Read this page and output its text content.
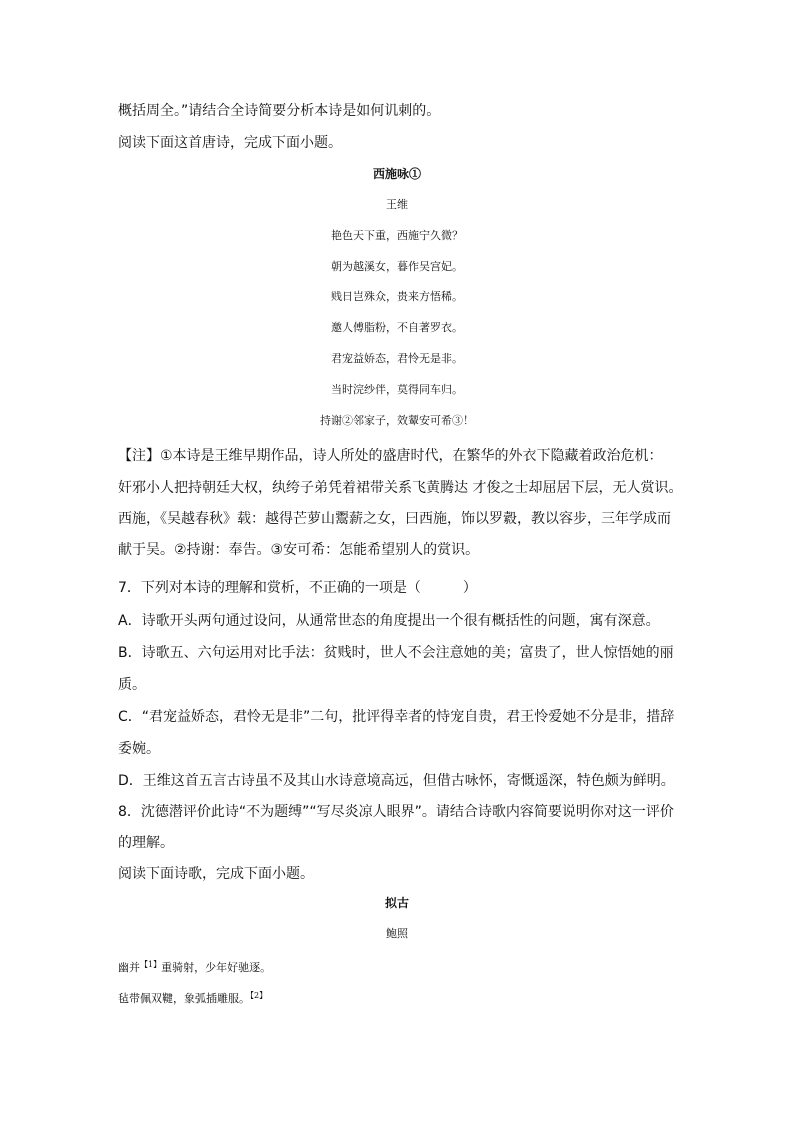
概括周全。”请结合全诗简要分析本诗是如何讥刺的。
阅读下面这首唐诗，完成下面小题。
西施咏①
王维
艳色天下重，西施宁久微？
朝为越溪女，暮作吴宫妃。
贱日岂殊众，贵来方悟稀。
邀人傅脂粉，不自著罗衣。
君宠益娇态，君怜无是非。
当时浣纱伴，莫得同车归。
持谢②邻家子，效颦安可希③！
【注】①本诗是王维早期作品，诗人所处的盛唐时代，在繁华的外衣下隐藏着政治危机：
奸邪小人把持朝廷大权，纨绔子弟凭着裙带关系飞黄腾达 才俊之士却屈居下层，无人赏识。
西施，《吴越春秋》载：越得芒萝山鬻薪之女，曰西施，饰以罗縠，教以容步，三年学成而
献于吴。②持谢：奉告。③安可希：怎能希望别人的赏识。
7．下列对本诗的理解和赏析，不正确的一项是（　　　）
A．诗歌开头两句通过设问，从通常世态的角度提出一个很有概括性的问题，寓有深意。
B．诗歌五、六句运用对比手法：贫贱时，世人不会注意她的美；富贵了，世人惊悟她的丽
质。
C．“君宠益娇态，君怜无是非”二句，批评得幸者的恃宠自贵，君王怜爱她不分是非，措辞
委婉。
D．王维这首五言古诗虽不及其山水诗意境高远，但借古咏怀，寄慨遥深，特色颇为鲜明。
8．沈德潜评价此诗“不为题缚”“写尽炎凉人眼界”。请结合诗歌内容简要说明你对这一评价
的理解。
阅读下面诗歌，完成下面小题。
拟古
鲍照
幽并$^{【1】}$重骑射，少年好驰逐。
毡带佩双鞬，象弧插雕服。$^{【2】}$
